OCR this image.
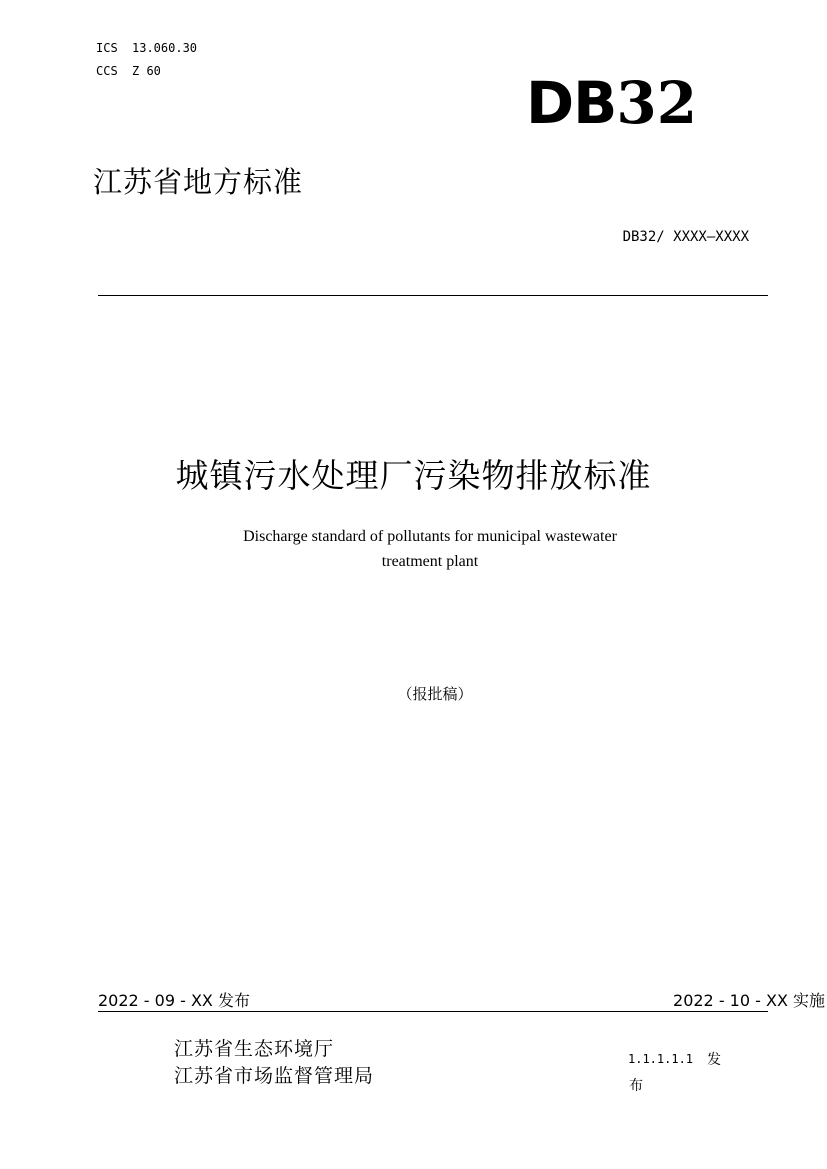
ICS 13.060.30
CCS Z 60	DB32
江苏省地方标准
DB32/ XXXX—XXXX
城镇污水处理厂污染物排放标准
Discharge standard of pollutants for municipal wastewater
treatment plant
（报批稿）
2022 - 09 - XX 发布	2022 - 10 - XX 实施
江苏省生态环境厅
江苏省市场监督管理局
1.1.1.1.1 发
布
